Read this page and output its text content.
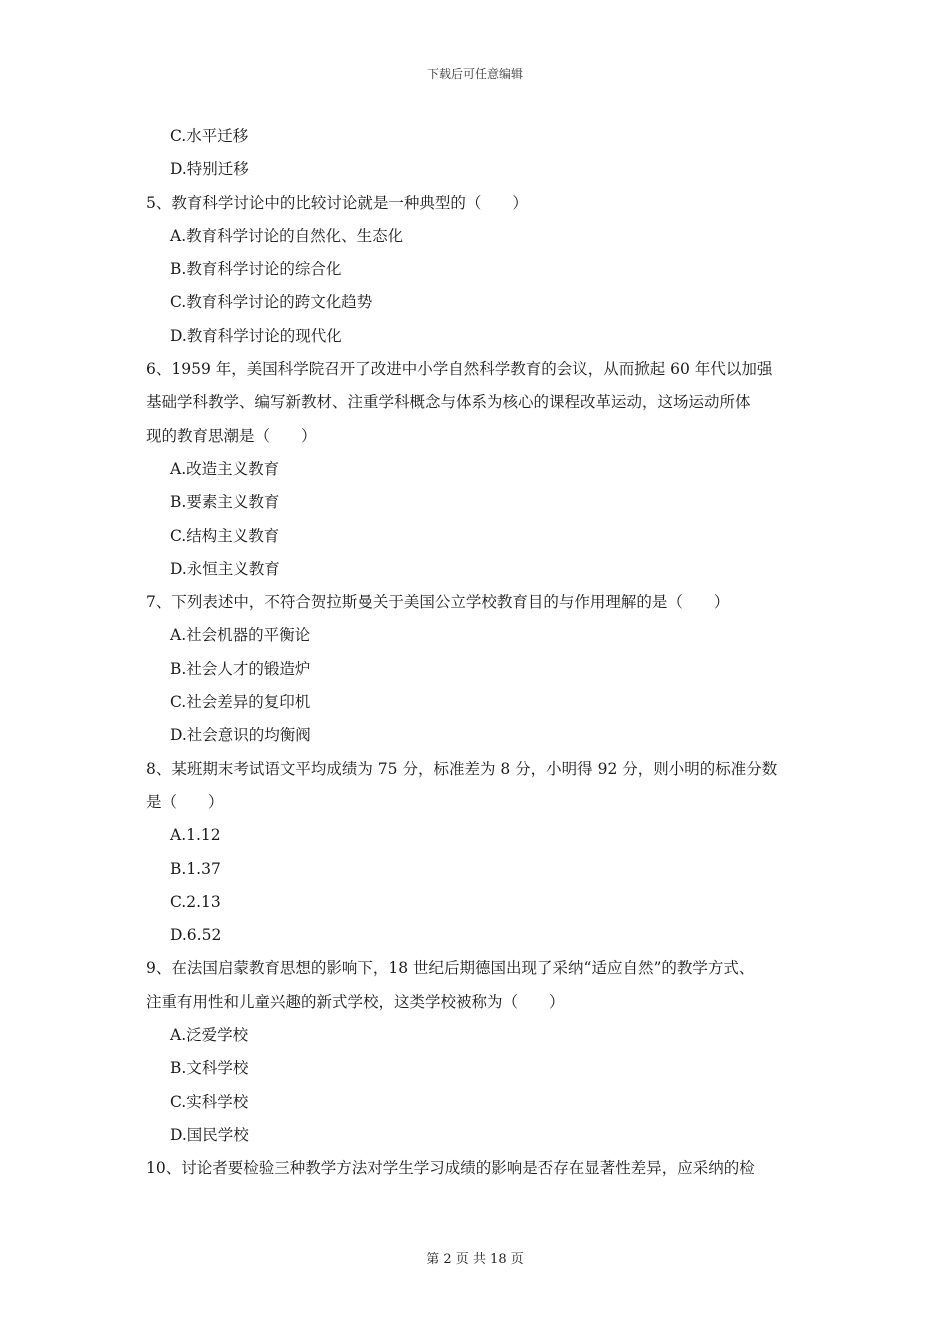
下载后可任意编辑
C.水平迁移
D.特别迁移
5、教育科学讨论中的比较讨论就是一种典型的（　　）
A.教育科学讨论的自然化、生态化
B.教育科学讨论的综合化
C.教育科学讨论的跨文化趋势
D.教育科学讨论的现代化
6、1959 年，美国科学院召开了改进中小学自然科学教育的会议，从而掀起 60 年代以加强
基础学科教学、编写新教材、注重学科概念与体系为核心的课程改革运动，这场运动所体
现的教育思潮是（　　）
A.改造主义教育
B.要素主义教育
C.结构主义教育
D.永恒主义教育
7、下列表述中，不符合贺拉斯曼关于美国公立学校教育目的与作用理解的是（　　）
A.社会机器的平衡论
B.社会人才的锻造炉
C.社会差异的复印机
D.社会意识的均衡阀
8、某班期末考试语文平均成绩为 75 分，标准差为 8 分，小明得 92 分，则小明的标准分数
是（　　）
A.1.12
B.1.37
C.2.13
D.6.52
9、在法国启蒙教育思想的影响下，18 世纪后期德国出现了采纳“适应自然”的教学方式、
注重有用性和儿童兴趣的新式学校，这类学校被称为（　　）
A.泛爱学校
B.文科学校
C.实科学校
D.国民学校
10、讨论者要检验三种教学方法对学生学习成绩的影响是否存在显著性差异，应采纳的检
第 2 页 共 18 页
